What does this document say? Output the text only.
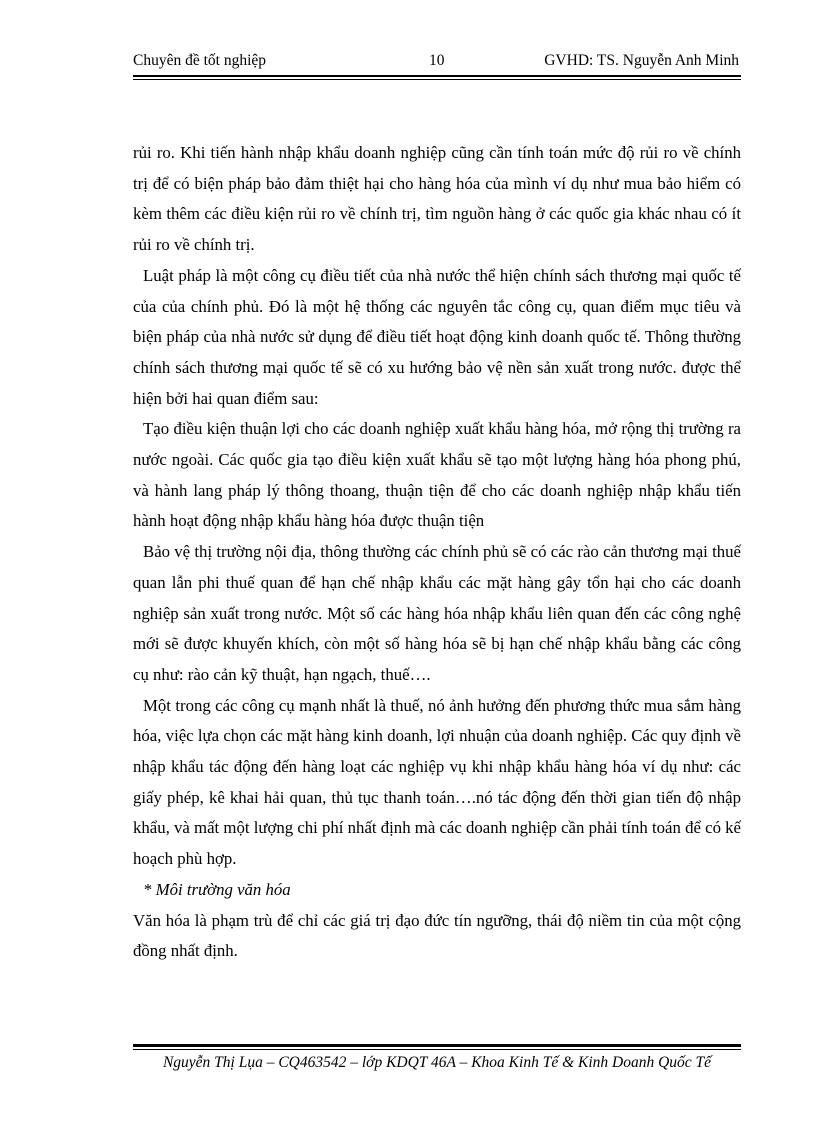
Chuyên đề tốt nghiệp	10	GVHD: TS. Nguyễn Anh Minh

rủi ro. Khi tiến hành nhập khẩu doanh nghiệp cũng cần tính toán mức độ rủi ro về chính trị để có biện pháp bảo đảm thiệt hại cho hàng hóa của mình ví dụ như mua bảo hiểm có kèm thêm các điều kiện rủi ro về chính trị, tìm nguồn hàng ở các quốc gia khác nhau có ít rủi ro về chính trị.

Luật pháp là một công cụ điều tiết của nhà nước thể hiện chính sách thương mại quốc tế của của chính phủ. Đó là một hệ thống các nguyên tắc công cụ, quan điểm mục tiêu và biện pháp của nhà nước sử dụng để điều tiết hoạt động kinh doanh quốc tế. Thông thường chính sách thương mại quốc tế sẽ có xu hướng bảo vệ nền sản xuất trong nước. được thể hiện bởi hai quan điểm sau:

Tạo điều kiện thuận lợi cho các doanh nghiệp xuất khẩu hàng hóa, mở rộng thị trường ra nước ngoài. Các quốc gia tạo điều kiện xuất khẩu sẽ tạo một lượng hàng hóa phong phú, và hành lang pháp lý thông thoang, thuận tiện để cho các doanh nghiệp nhập khẩu tiến hành hoạt động nhập khẩu hàng hóa được thuận tiện

Bảo vệ thị trường nội địa, thông thường các chính phủ sẽ có các rào cản thương mại thuế quan lẫn phi thuế quan để hạn chế nhập khẩu các mặt hàng gây tổn hại cho các doanh nghiệp sản xuất trong nước. Một số các hàng hóa nhập khẩu liên quan đến các công nghệ mới sẽ được khuyến khích, còn một số hàng hóa sẽ bị hạn chế nhập khẩu bằng các công cụ như: rào cản kỹ thuật, hạn ngạch, thuế….

Một trong các công cụ mạnh nhất là thuế, nó ảnh hưởng đến phương thức mua sắm hàng hóa, việc lựa chọn các mặt hàng kinh doanh, lợi nhuận của doanh nghiệp. Các quy định về nhập khẩu tác động đến hàng loạt các nghiệp vụ khi nhập khẩu hàng hóa ví dụ như: các giấy phép, kê khai hải quan, thủ tục thanh toán….nó tác động đến thời gian tiến độ nhập khẩu, và mất một lượng chi phí nhất định mà các doanh nghiệp cần phải tính toán để có kế hoạch phù hợp.

* Môi trường văn hóa

Văn hóa là phạm trù để chỉ các giá trị đạo đức tín ngưỡng, thái độ niềm tin của một cộng đồng nhất định.

Nguyễn Thị Lụa – CQ463542 – lớp KDQT 46A – Khoa Kinh Tế & Kinh Doanh Quốc Tế
